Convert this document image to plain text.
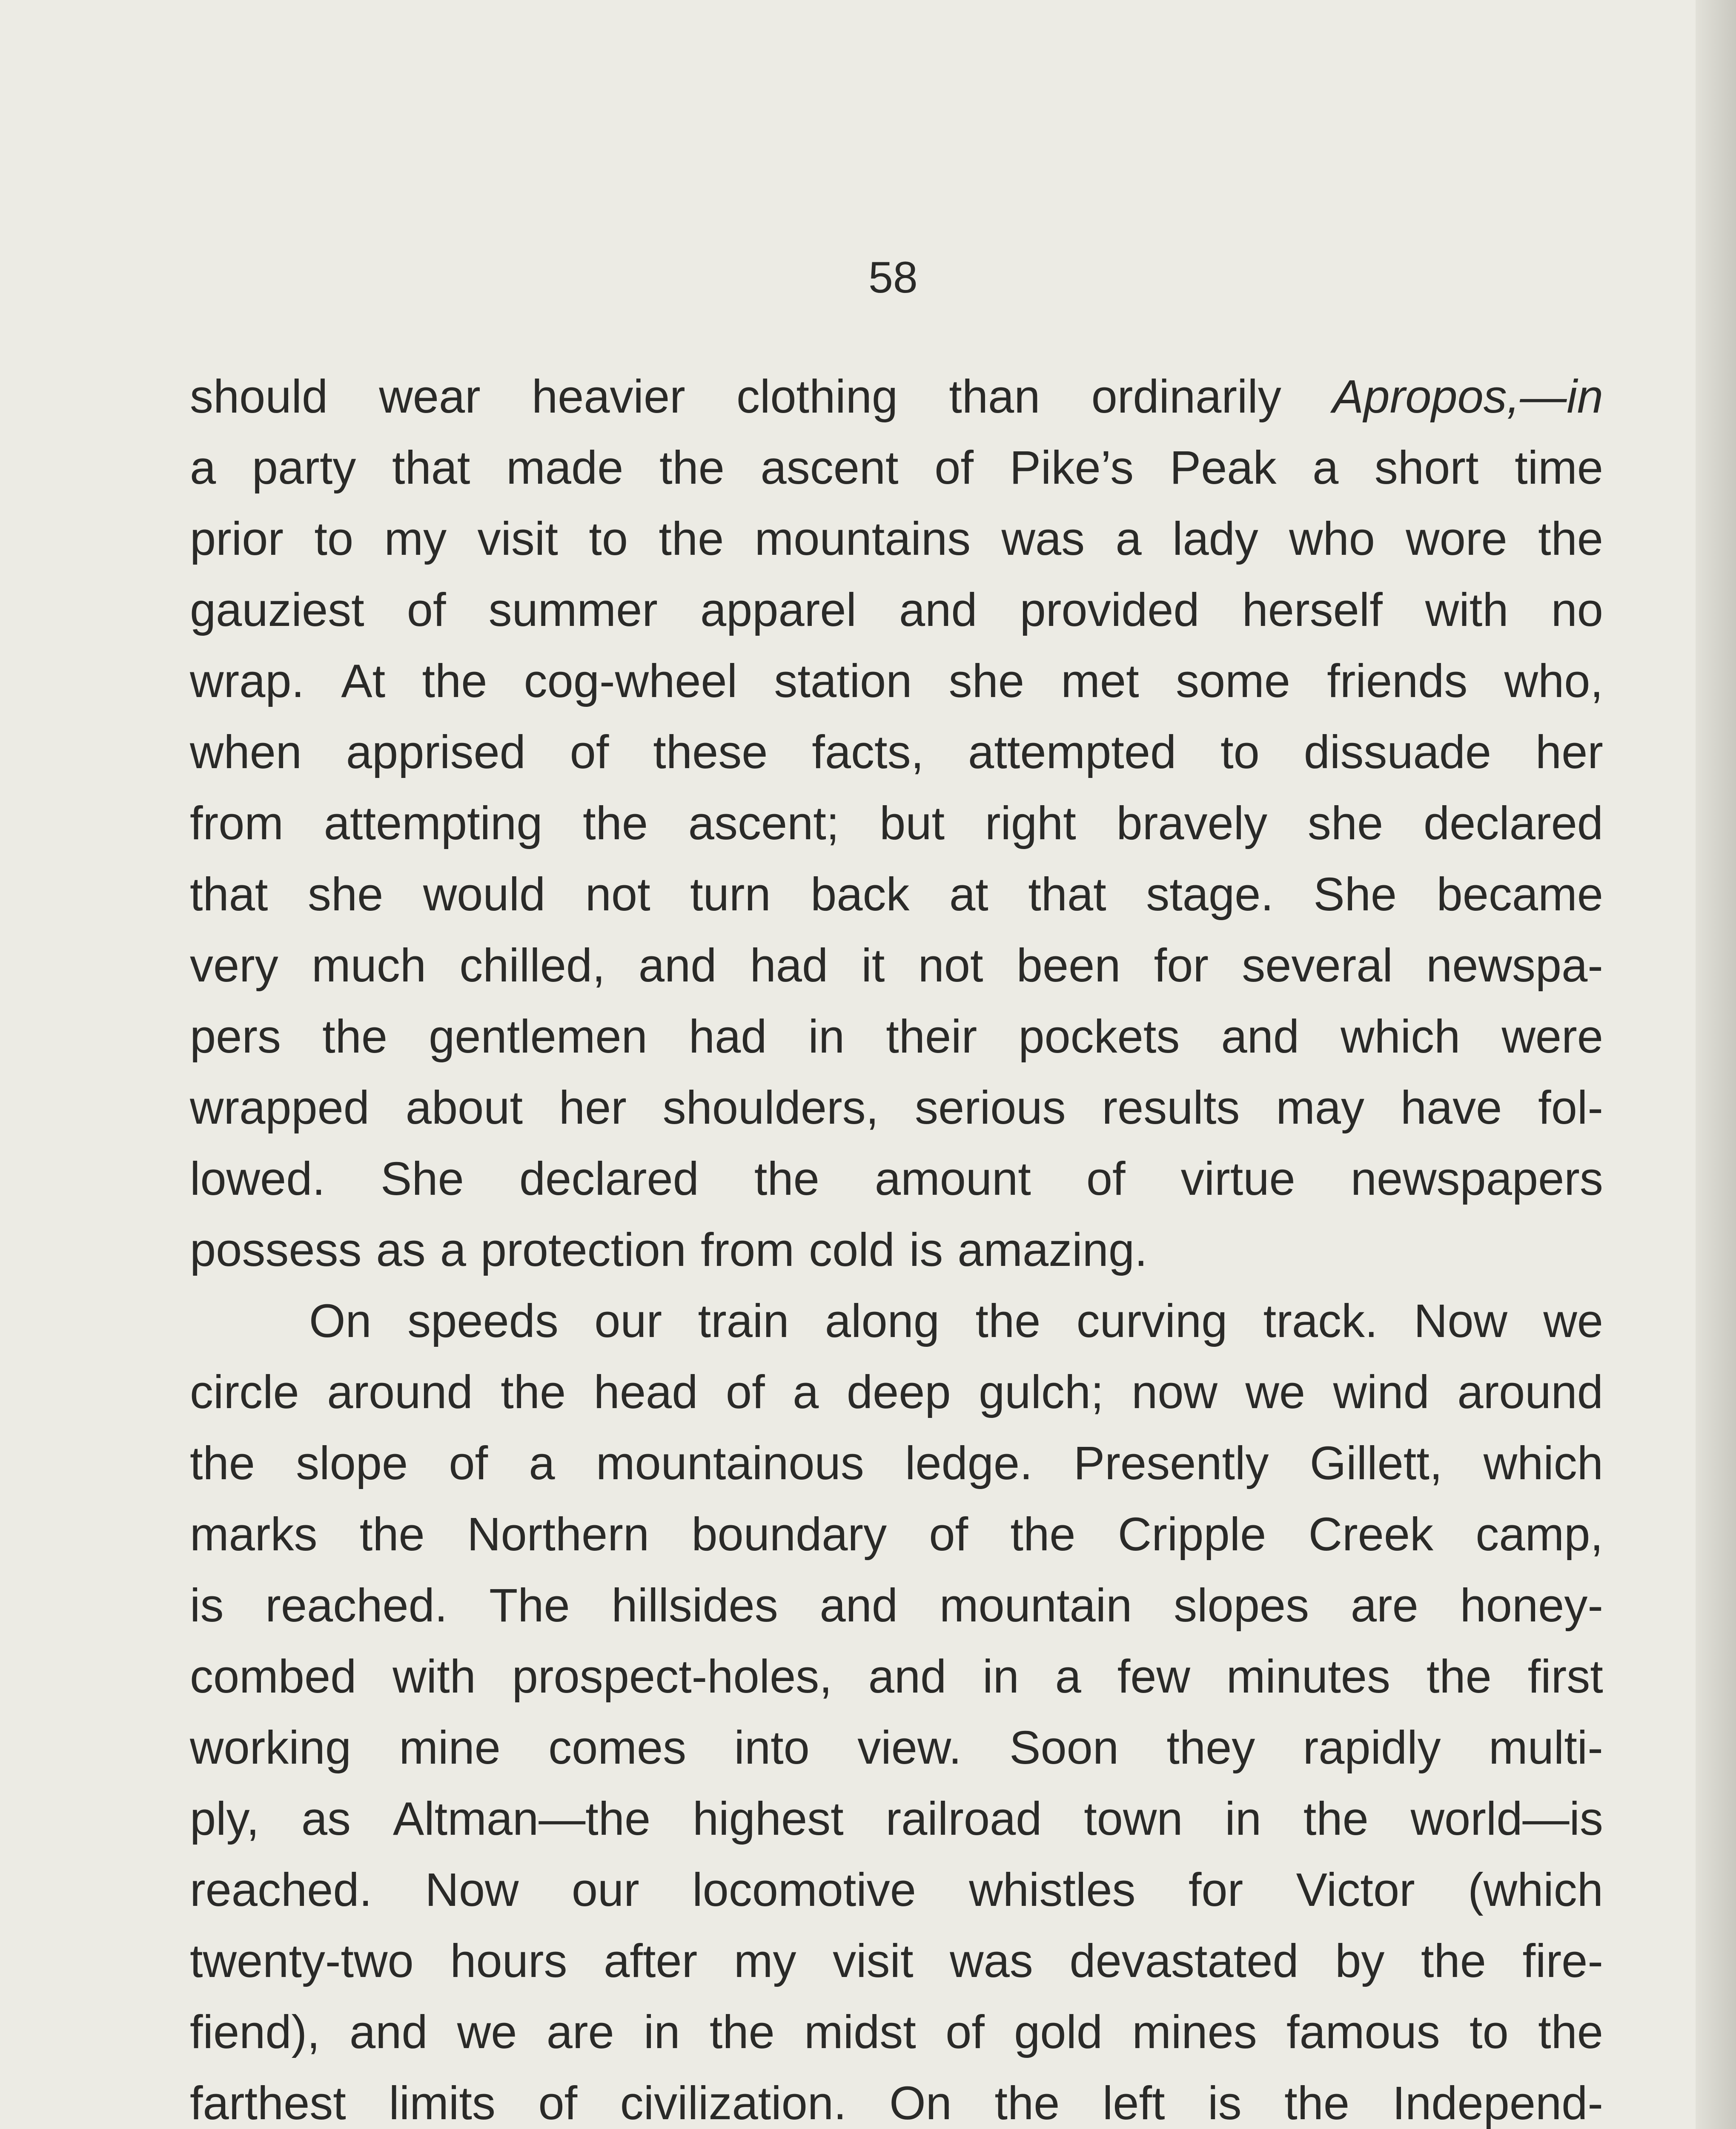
58
should wear heavier clothing than ordinarily Apropos,—in
a party that made the ascent of Pike’s Peak a short time
prior to my visit to the mountains was a lady who wore the
gauziest of summer apparel and provided herself with no
wrap. At the cog-wheel station she met some friends who,
when apprised of these facts, attempted to dissuade her
from attempting the ascent; but right bravely she declared
that she would not turn back at that stage. She became
very much chilled, and had it not been for several newspa-
pers the gentlemen had in their pockets and which were
wrapped about her shoulders, serious results may have fol-
lowed. She declared the amount of virtue newspapers
possess as a protection from cold is amazing.
On speeds our train along the curving track. Now we
circle around the head of a deep gulch; now we wind around
the slope of a mountainous ledge. Presently Gillett, which
marks the Northern boundary of the Cripple Creek camp,
is reached. The hillsides and mountain slopes are honey-
combed with prospect-holes, and in a few minutes the first
working mine comes into view. Soon they rapidly multi-
ply, as Altman—the highest railroad town in the world—is
reached. Now our locomotive whistles for Victor (which
twenty-two hours after my visit was devastated by the fire-
fiend), and we are in the midst of gold mines famous to the
farthest limits of civilization. On the left is the Independ-
